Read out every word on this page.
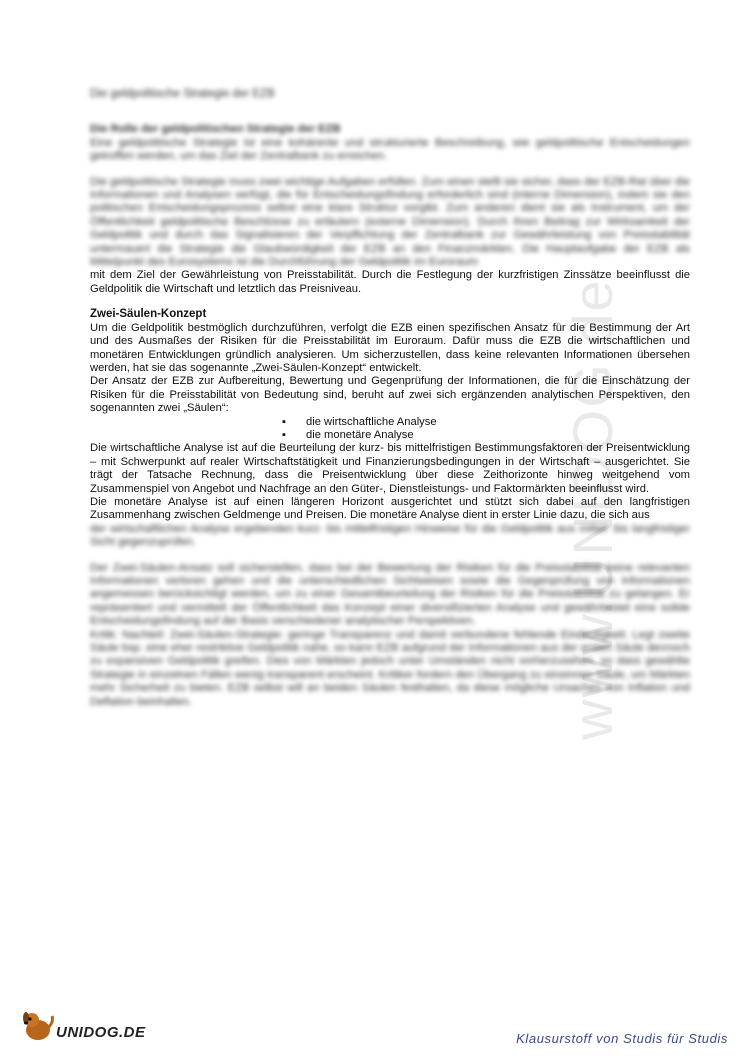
www.UNIDOG.de
Die geldpolitische Strategie der EZB
Die Rolle der geldpolitischen Strategie der EZB
Eine geldpolitische Strategie ist eine kohärente und strukturierte Beschreibung, wie geldpolitische Entscheidungen getroffen werden, um das Ziel der Zentralbank zu erreichen.
Die geldpolitische Strategie muss zwei wichtige Aufgaben erfüllen. Zum einen stellt sie sicher, dass der EZB-Rat über die Informationen und Analysen verfügt, die für Entscheidungsfindung erforderlich sind (interne Dimension), indem sie den politischen Entscheidungsprozess selbst eine klare Struktur vorgibt. Zum anderen dient sie als Instrument, um der Öffentlichkeit geldpolitische Beschlüsse zu erläutern (externe Dimension). Durch ihren Beitrag zur Wirksamkeit der Geldpolitik und durch das Signalisieren der Verpflichtung der Zentralbank zur Gewährleistung von Preisstabilität untermauert die Strategie die Glaubwürdigkeit der EZB an den Finanzmärkten. Die Hauptaufgabe der EZB als Mittelpunkt des Eurosystems ist die Durchführung der Geldpolitik im Euroraum
mit dem Ziel der Gewährleistung von Preisstabilität. Durch die Festlegung der kurzfristigen Zinssätze beeinflusst die Geldpolitik die Wirtschaft und letztlich das Preisniveau.
Zwei-Säulen-Konzept
Um die Geldpolitik bestmöglich durchzuführen, verfolgt die EZB einen spezifischen Ansatz für die Bestimmung der Art und des Ausmaßes der Risiken für die Preisstabilität im Euroraum. Dafür muss die EZB die wirtschaftlichen und monetären Entwicklungen gründlich analysieren. Um sicherzustellen, dass keine relevanten Informationen übersehen werden, hat sie das sogenannte „Zwei-Säulen-Konzept“ entwickelt.
Der Ansatz der EZB zur Aufbereitung, Bewertung und Gegenprüfung der Informationen, die für die Einschätzung der Risiken für die Preisstabilität von Bedeutung sind, beruht auf zwei sich ergänzenden analytischen Perspektiven, den sogenannten zwei „Säulen“:
▪ die wirtschaftliche Analyse
▪ die monetäre Analyse
Die wirtschaftliche Analyse ist auf die Beurteilung der kurz- bis mittelfristigen Bestimmungsfaktoren der Preisentwicklung – mit Schwerpunkt auf realer Wirtschaftstätigkeit und Finanzierungsbedingungen in der Wirtschaft – ausgerichtet. Sie trägt der Tatsache Rechnung, dass die Preisentwicklung über diese Zeithorizonte hinweg weitgehend vom Zusammenspiel von Angebot und Nachfrage an den Güter-, Dienstleistungs- und Faktormärkten beeinflusst wird.
Die monetäre Analyse ist auf einen längeren Horizont ausgerichtet und stützt sich dabei auf den langfristigen Zusammenhang zwischen Geldmenge und Preisen. Die monetäre Analyse dient in erster Linie dazu, die sich aus
der wirtschaftlichen Analyse ergebenden kurz- bis mittelfristigen Hinweise für die Geldpolitik aus mittel- bis langfristiger Sicht gegenzuprüfen.
Der Zwei-Säulen-Ansatz soll sicherstellen, dass bei der Bewertung der Risiken für die Preisstabilität keine relevanten Informationen verloren gehen und die unterschiedlichen Sichtweisen sowie die Gegenprüfung von Informationen angemessen berücksichtigt werden, um zu einer Gesamtbeurteilung der Risiken für die Preisstabilität zu gelangen. Er repräsentiert und vermittelt der Öffentlichkeit das Konzept einer diversifizierten Analyse und gewährleistet eine solide Entscheidungsfindung auf der Basis verschiedener analytischer Perspektiven.
Kritik: Nachteil: Zwei-Säulen-Strategie: geringe Transparenz und damit verbundene fehlende Eindeutigkeit. Legt zweite Säule bsp. eine eher restriktive Geldpolitik nahe, so kann EZB aufgrund der Informationen aus der ersten Säule dennoch zu expansiven Geldpolitik greifen. Dies von Märkten jedoch unter Umständen nicht vorherzusehen, so dass gewählte Strategie in einzelnen Fällen wenig transparent erscheint. Kritiker fordern den Übergang zu einsinnen Säule, um Märkten mehr Sicherheit zu bieten. EZB selbst will an beiden Säulen festhalten, da diese mögliche Ursachen von Inflation und Deflation beinhalten.
UNIDOG.DE	Klausurstoff von Studis für Studis
